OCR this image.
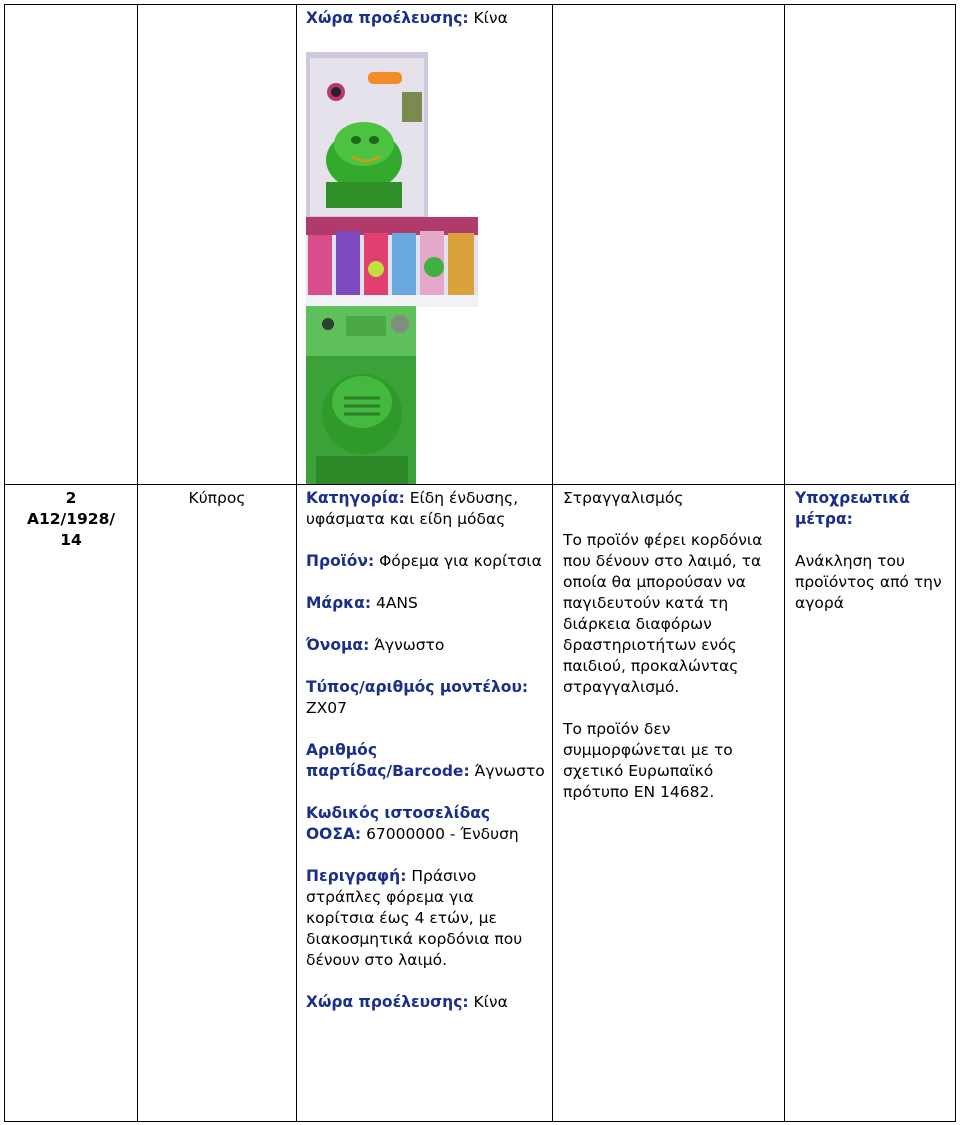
Χώρα προέλευσης: Κίνα
2
A12/1928/
14
Κύπρος	Κατηγορία: Είδη ένδυσης, υφάσματα και είδη μόδας

Προϊόν: Φόρεμα για κορίτσια

Μάρκα: 4ANS

Όνομα: Άγνωστο

Τύπος/αριθμός μοντέλου: ZX07

Αριθμός παρτίδας/Barcode: Άγνωστο

Κωδικός ιστοσελίδας ΟΟΣΑ: 67000000 - Ένδυση

Περιγραφή: Πράσινο στράπλες φόρεμα για κορίτσια έως 4 ετών, με διακοσμητικά κορδόνια που δένουν στο λαιμό.

Χώρα προέλευσης: Κίνα

Στραγγαλισμός

Το προϊόν φέρει κορδόνια που δένουν στο λαιμό, τα οποία θα μπορούσαν να παγιδευτούν κατά τη διάρκεια διαφόρων δραστηριοτήτων ενός παιδιού, προκαλώντας στραγγαλισμό.

Το προϊόν δεν συμμορφώνεται με το σχετικό Ευρωπαϊκό πρότυπο EN 14682.

Υποχρεωτικά μέτρα:

Ανάκληση του προϊόντος από την αγορά
